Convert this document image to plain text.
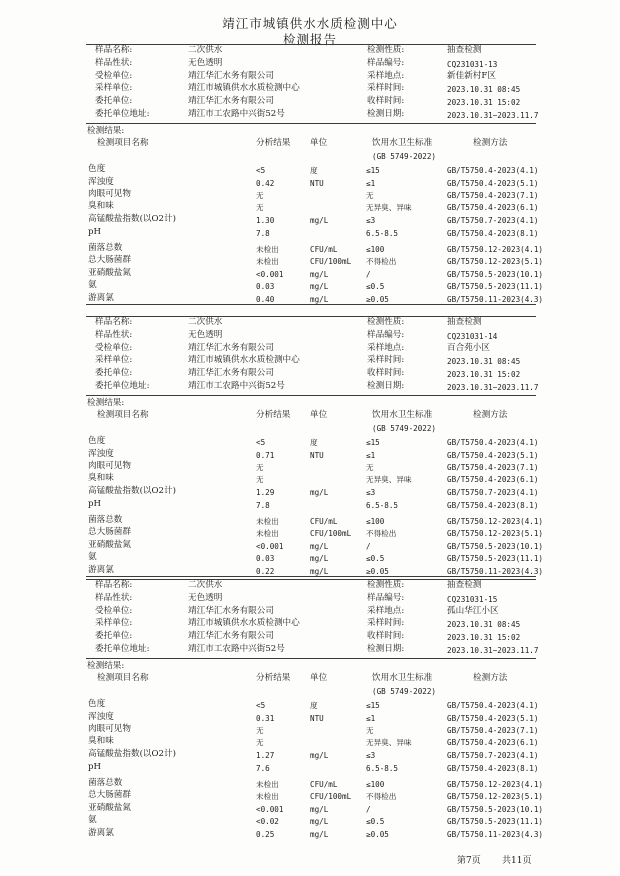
靖江市城镇供水水质检测中心
检测报告
样品名称:	二次供水
样品性状:	无色透明
受检单位:	靖江华汇水务有限公司
采样单位:	靖江市城镇供水水质检测中心
委托单位:	靖江华汇水务有限公司
委托单位地址:	靖江市工农路中兴街52号
检测性质:	抽查检测
样品编号:	CQ231031-13
采样地点:	新佳新村F区
采样时间:	2023.10.31 08:45
收样时间:	2023.10.31 15:02
检测日期:	2023.10.31~2023.11.7
检测结果:
检测项目名称	分析结果 单位	饮用水卫生标准	检测方法
(GB 5749-2022)
色度	<5	度	≤15	GB/T5750.4-2023(4.1)
浑浊度	0.42	NTU	≤1	GB/T5750.4-2023(5.1)
肉眼可见物	无	无	GB/T5750.4-2023(7.1)
臭和味	无	无异臭、异味	GB/T5750.4-2023(6.1)
高锰酸盐指数(以O2计)	1.30	mg/L	≤3	GB/T5750.7-2023(4.1)
pH	7.8	6.5-8.5	GB/T5750.4-2023(8.1)
菌落总数	未检出	CFU/mL	≤100	GB/T5750.12-2023(4.1)
总大肠菌群	未检出	CFU/100mL 不得检出	GB/T5750.12-2023(5.1)
亚硝酸盐氮	<0.001	mg/L	/	GB/T5750.5-2023(10.1)
氨	0.03	mg/L	≤0.5	GB/T5750.5-2023(11.1)
游离氯	0.40	mg/L	≥0.05	GB/T5750.11-2023(4.3)
样品名称:	二次供水
样品性状:	无色透明
受检单位:	靖江华汇水务有限公司
采样单位:	靖江市城镇供水水质检测中心
委托单位:	靖江华汇水务有限公司
委托单位地址:	靖江市工农路中兴街52号
检测性质:	抽查检测
样品编号:	CQ231031-14
采样地点:	百合苑小区
采样时间:	2023.10.31 08:45
收样时间:	2023.10.31 15:02
检测日期:	2023.10.31~2023.11.7
检测结果:
检测项目名称	分析结果 单位	饮用水卫生标准	检测方法
(GB 5749-2022)
色度	<5	度	≤15	GB/T5750.4-2023(4.1)
浑浊度	0.71	NTU	≤1	GB/T5750.4-2023(5.1)
肉眼可见物	无	无	GB/T5750.4-2023(7.1)
臭和味	无	无异臭、异味	GB/T5750.4-2023(6.1)
高锰酸盐指数(以O2计)	1.29	mg/L	≤3	GB/T5750.7-2023(4.1)
pH	7.8	6.5-8.5	GB/T5750.4-2023(8.1)
菌落总数	未检出	CFU/mL	≤100	GB/T5750.12-2023(4.1)
总大肠菌群	未检出	CFU/100mL 不得检出	GB/T5750.12-2023(5.1)
亚硝酸盐氮	<0.001	mg/L	/	GB/T5750.5-2023(10.1)
氨	0.03	mg/L	≤0.5	GB/T5750.5-2023(11.1)
游离氯	0.22	mg/L	≥0.05	GB/T5750.11-2023(4.3)
样品名称:	二次供水
样品性状:	无色透明
受检单位:	靖江华汇水务有限公司
采样单位:	靖江市城镇供水水质检测中心
委托单位:	靖江华汇水务有限公司
委托单位地址:	靖江市工农路中兴街52号
检测性质:	抽查检测
样品编号:	CQ231031-15
采样地点:	孤山华江小区
采样时间:	2023.10.31 08:45
收样时间:	2023.10.31 15:02
检测日期:	2023.10.31~2023.11.7
检测结果:
检测项目名称	分析结果 单位	饮用水卫生标准	检测方法
(GB 5749-2022)
色度	<5	度	≤15	GB/T5750.4-2023(4.1)
浑浊度	0.31	NTU	≤1	GB/T5750.4-2023(5.1)
肉眼可见物	无	无	GB/T5750.4-2023(7.1)
臭和味	无	无异臭、异味	GB/T5750.4-2023(6.1)
高锰酸盐指数(以O2计)	1.27	mg/L	≤3	GB/T5750.7-2023(4.1)
pH	7.6	6.5-8.5	GB/T5750.4-2023(8.1)
菌落总数	未检出	CFU/mL	≤100	GB/T5750.12-2023(4.1)
总大肠菌群	未检出	CFU/100mL 不得检出	GB/T5750.12-2023(5.1)
亚硝酸盐氮	<0.001	mg/L	/	GB/T5750.5-2023(10.1)
氨	<0.02	mg/L	≤0.5	GB/T5750.5-2023(11.1)
游离氯	0.25	mg/L	≥0.05	GB/T5750.11-2023(4.3)
第7页 共11页
